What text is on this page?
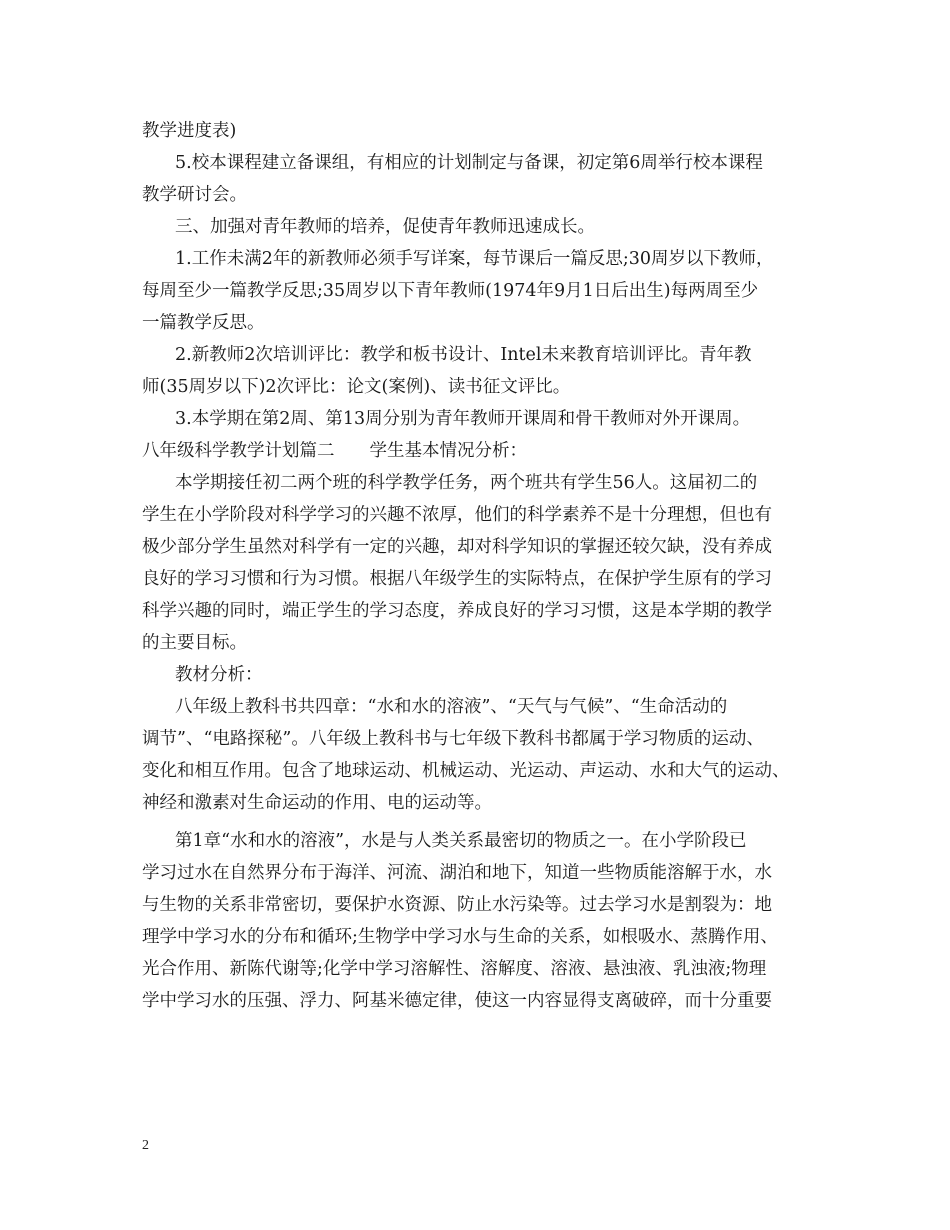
教学进度表)
5.校本课程建立备课组，有相应的计划制定与备课，初定第6周举行校本课程
教学研讨会。
三、加强对青年教师的培养，促使青年教师迅速成长。
1.工作未满2年的新教师必须手写详案，每节课后一篇反思;30周岁以下教师，
每周至少一篇教学反思;35周岁以下青年教师(1974年9月1日后出生)每两周至少
一篇教学反思。
2.新教师2次培训评比：教学和板书设计、Intel未来教育培训评比。青年教
师(35周岁以下)2次评比：论文(案例)、读书征文评比。
3.本学期在第2周、第13周分别为青年教师开课周和骨干教师对外开课周。
八年级科学教学计划篇二　　学生基本情况分析：
本学期接任初二两个班的科学教学任务，两个班共有学生56人。这届初二的
学生在小学阶段对科学学习的兴趣不浓厚，他们的科学素养不是十分理想，但也有
极少部分学生虽然对科学有一定的兴趣，却对科学知识的掌握还较欠缺，没有养成
良好的学习习惯和行为习惯。根据八年级学生的实际特点，在保护学生原有的学习
科学兴趣的同时，端正学生的学习态度，养成良好的学习习惯，这是本学期的教学
的主要目标。
教材分析：
八年级上教科书共四章：“水和水的溶液”、“天气与气候”、“生命活动的
调节”、“电路探秘”。八年级上教科书与七年级下教科书都属于学习物质的运动、
变化和相互作用。包含了地球运动、机械运动、光运动、声运动、水和大气的运动、
神经和激素对生命运动的作用、电的运动等。
第1章“水和水的溶液”，水是与人类关系最密切的物质之一。在小学阶段已
学习过水在自然界分布于海洋、河流、湖泊和地下，知道一些物质能溶解于水，水
与生物的关系非常密切，要保护水资源、防止水污染等。过去学习水是割裂为：地
理学中学习水的分布和循环;生物学中学习水与生命的关系，如根吸水、蒸腾作用、
光合作用、新陈代谢等;化学中学习溶解性、溶解度、溶液、悬浊液、乳浊液;物理
学中学习水的压强、浮力、阿基米德定律，使这一内容显得支离破碎，而十分重要
2
